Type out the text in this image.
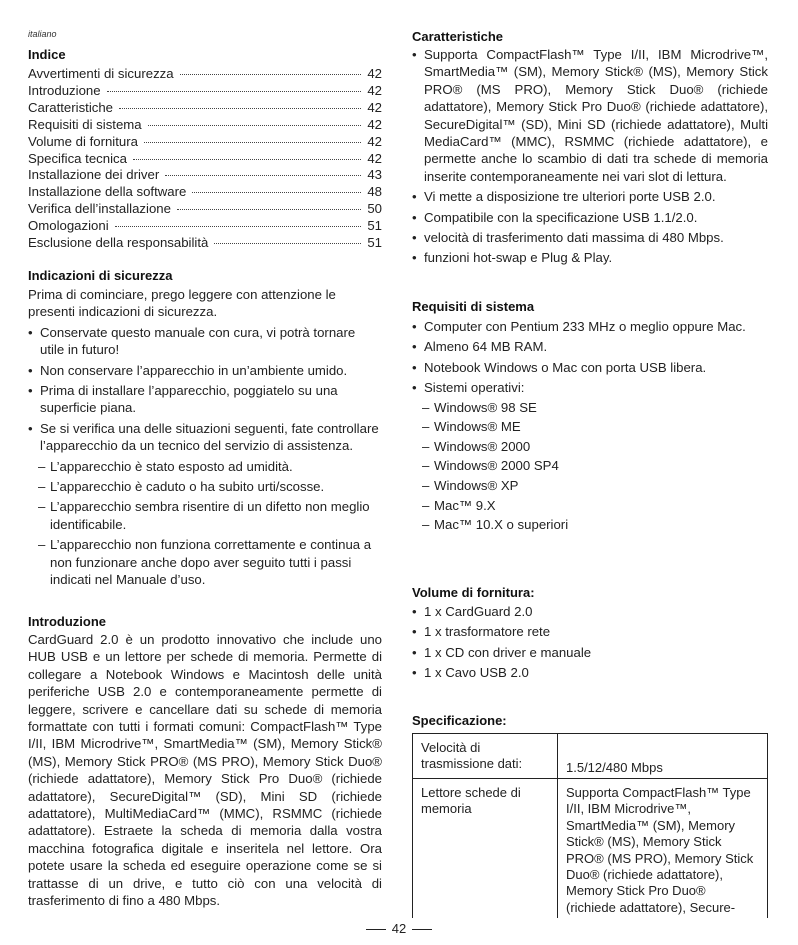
italiano
Indice
Avvertimenti di sicurezza	42
Introduzione	42
Caratteristiche	42
Requisiti di sistema	42
Volume di fornitura	42
Specifica tecnica	42
Installazione dei driver	43
Installazione della software	48
Verifica dell’installazione	50
Omologazioni	51
Esclusione della responsabilità	51
Indicazioni di sicurezza
Prima di cominciare, prego leggere con attenzione le presenti indicazioni di sicurezza.
• Conservate questo manuale con cura, vi potrà tornare utile in futuro!
• Non conservare l’apparecchio in un’ambiente umido.
• Prima di installare l’apparecchio, poggiatelo su una superficie piana.
• Se si verifica una delle situazioni seguenti, fate controllare l’apparecchio da un tecnico del servizio di assistenza.
– L’apparecchio è stato esposto ad umidità.
– L’apparecchio è caduto o ha subito urti/scosse.
– L’apparecchio sembra risentire di un difetto non meglio identificabile.
– L’apparecchio non funziona correttamente e continua a non funzionare anche dopo aver seguito tutti i passi indicati nel Manuale d’uso.
Introduzione
CardGuard 2.0 è un prodotto innovativo che include uno HUB USB e un lettore per schede di memoria. Permette di collegare a Notebook Windows e Macintosh delle unità periferiche USB 2.0 e contemporaneamente permette di leggere, scrivere e cancellare dati su schede di memoria formattate con tutti i formati comuni: CompactFlash™ Type I/II, IBM Microdrive™, SmartMedia™ (SM), Memory Stick® (MS), Memory Stick PRO® (MS PRO), Memory Stick Duo® (richiede adattatore), Memory Stick Pro Duo® (richiede adattatore), SecureDigital™ (SD), Mini SD (richiede adattatore), MultiMediaCard™ (MMC), RSMMC (richiede adattatore). Estraete la scheda di memoria dalla vostra macchina fotografica digitale e inseritela nel lettore. Ora potete usare la scheda ed eseguire operazione come se si trattasse di un drive, e tutto ciò con una velocità di trasferimento di fino a 480 Mbps.
Caratteristiche
• Supporta CompactFlash™ Type I/II, IBM Microdrive™, SmartMedia™ (SM), Memory Stick® (MS), Memory Stick PRO® (MS PRO), Memory Stick Duo® (richiede adattatore), Memory Stick Pro Duo® (richiede adattatore), SecureDigital™ (SD), Mini SD (richiede adattatore), Multi MediaCard™ (MMC), RSMMC (richiede adattatore), e permette anche lo scambio di dati tra schede di memoria inserite contemporaneamente nei vari slot di lettura.
• Vi mette a disposizione tre ulteriori porte USB 2.0.
• Compatibile con la specificazione USB 1.1/2.0.
• velocità di trasferimento dati massima di 480 Mbps.
• funzioni hot-swap e Plug & Play.
Requisiti di sistema
• Computer con Pentium 233 MHz o meglio oppure Mac.
• Almeno 64 MB RAM.
• Notebook Windows o Mac con porta USB libera.
• Sistemi operativi:
– Windows® 98 SE
– Windows® ME
– Windows® 2000
– Windows® 2000 SP4
– Windows® XP
– Mac™ 9.X
– Mac™ 10.X o superiori
Volume di fornitura:
• 1 x CardGuard 2.0
• 1 x trasformatore rete
• 1 x CD con driver e manuale
• 1 x Cavo USB 2.0
Specificazione:
Velocità di trasmissione dati:	1.5/12/480 Mbps
Lettore schede di memoria	Supporta CompactFlash™ Type I/II, IBM Microdrive™, SmartMedia™ (SM), Memory Stick® (MS), Memory Stick PRO® (MS PRO), Memory Stick Duo® (richiede adattatore), Memory Stick Pro Duo® (richiede adattatore), Secure-
42
